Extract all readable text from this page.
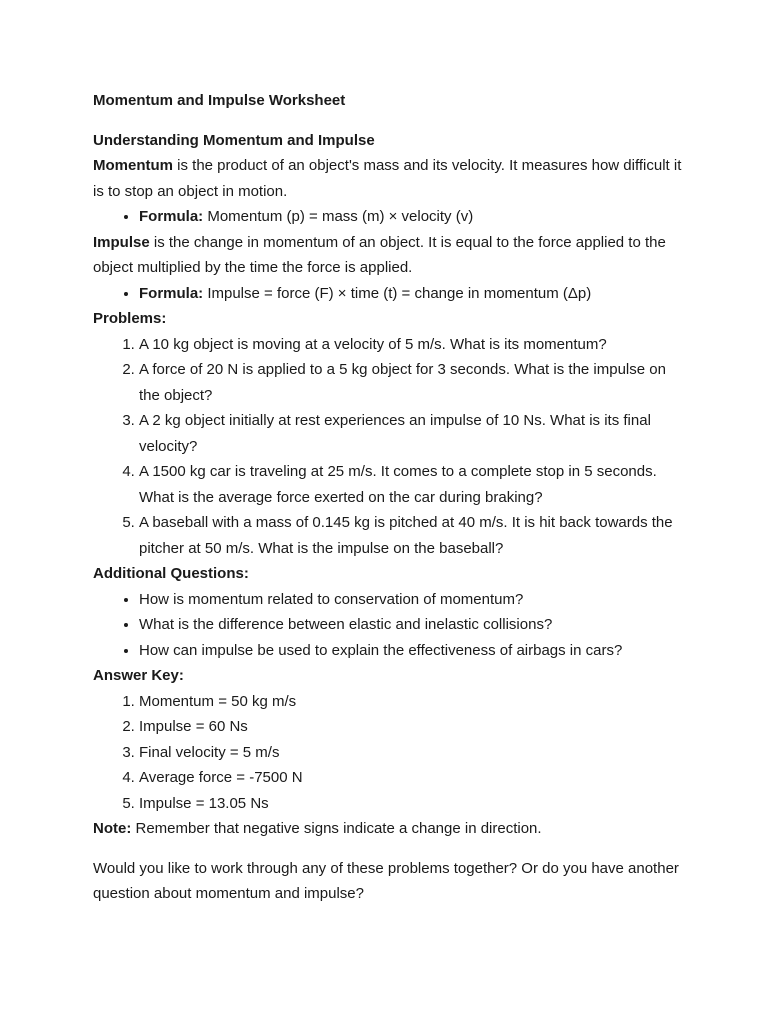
Momentum and Impulse Worksheet

Understanding Momentum and Impulse

Momentum is the product of an object's mass and its velocity. It measures how difficult it is to stop an object in motion.

• Formula: Momentum (p) = mass (m) × velocity (v)

Impulse is the change in momentum of an object. It is equal to the force applied to the object multiplied by the time the force is applied.

• Formula: Impulse = force (F) × time (t) = change in momentum (Δp)

Problems:

1. A 10 kg object is moving at a velocity of 5 m/s. What is its momentum?
2. A force of 20 N is applied to a 5 kg object for 3 seconds. What is the impulse on the object?
3. A 2 kg object initially at rest experiences an impulse of 10 Ns. What is its final velocity?
4. A 1500 kg car is traveling at 25 m/s. It comes to a complete stop in 5 seconds. What is the average force exerted on the car during braking?
5. A baseball with a mass of 0.145 kg is pitched at 40 m/s. It is hit back towards the pitcher at 50 m/s. What is the impulse on the baseball?

Additional Questions:

• How is momentum related to conservation of momentum?
• What is the difference between elastic and inelastic collisions?
• How can impulse be used to explain the effectiveness of airbags in cars?

Answer Key:

1. Momentum = 50 kg m/s
2. Impulse = 60 Ns
3. Final velocity = 5 m/s
4. Average force = -7500 N
5. Impulse = 13.05 Ns

Note: Remember that negative signs indicate a change in direction.

Would you like to work through any of these problems together? Or do you have another question about momentum and impulse?
